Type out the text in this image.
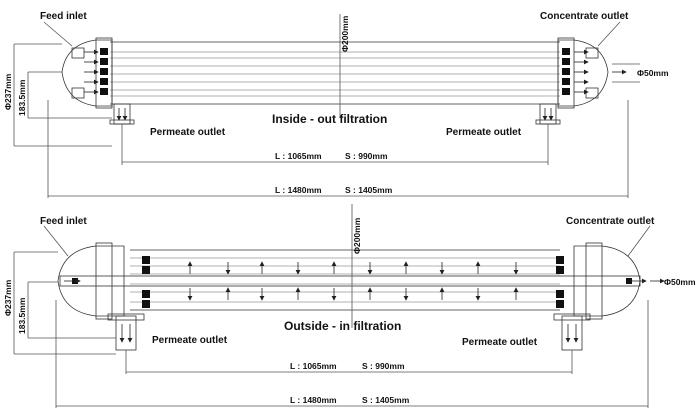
Feed inlet	Concentrate outlet
Permeate outlet	Permeate outlet
Inside - out filtration
Φ200mm
Φ237mm 183.5mm
Φ50mm
L : 1065mm	S : 990mm
L : 1480mm	S : 1405mm
Feed inlet	Concentrate outlet
Permeate outlet	Permeate outlet
Outside - in filtration
Φ200mm
Φ237mm 183.5mm
Φ50mm
L : 1065mm	S : 990mm
L : 1480mm	S : 1405mm
